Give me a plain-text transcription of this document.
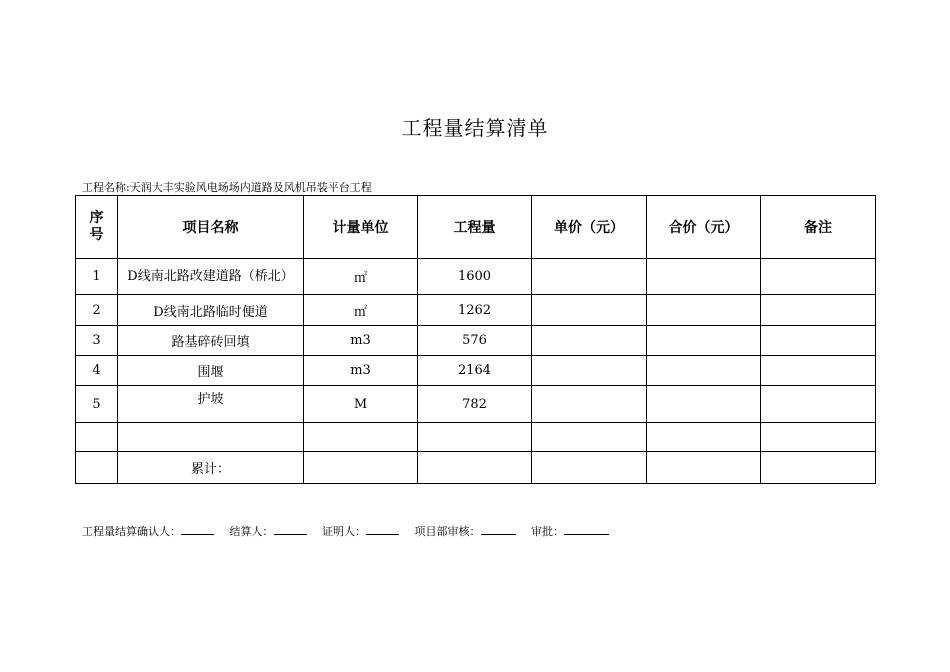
工程量结算清单
工程名称:天润大丰实验风电场场内道路及风机吊装平台工程
序号	项目名称	计量单位	工程量	单价（元）	合价（元）	备注
1	D线南北路改建道路（桥北）	㎡	1600			
2	D线南北路临时便道	㎡	1262			
3	路基碎砖回填	m3	576			
4	围堰	m3	2164			
5	护坡	M	782			

	累计：					
工程量结算确认人：	结算人：	证明人：	项目部审核：	审批：
